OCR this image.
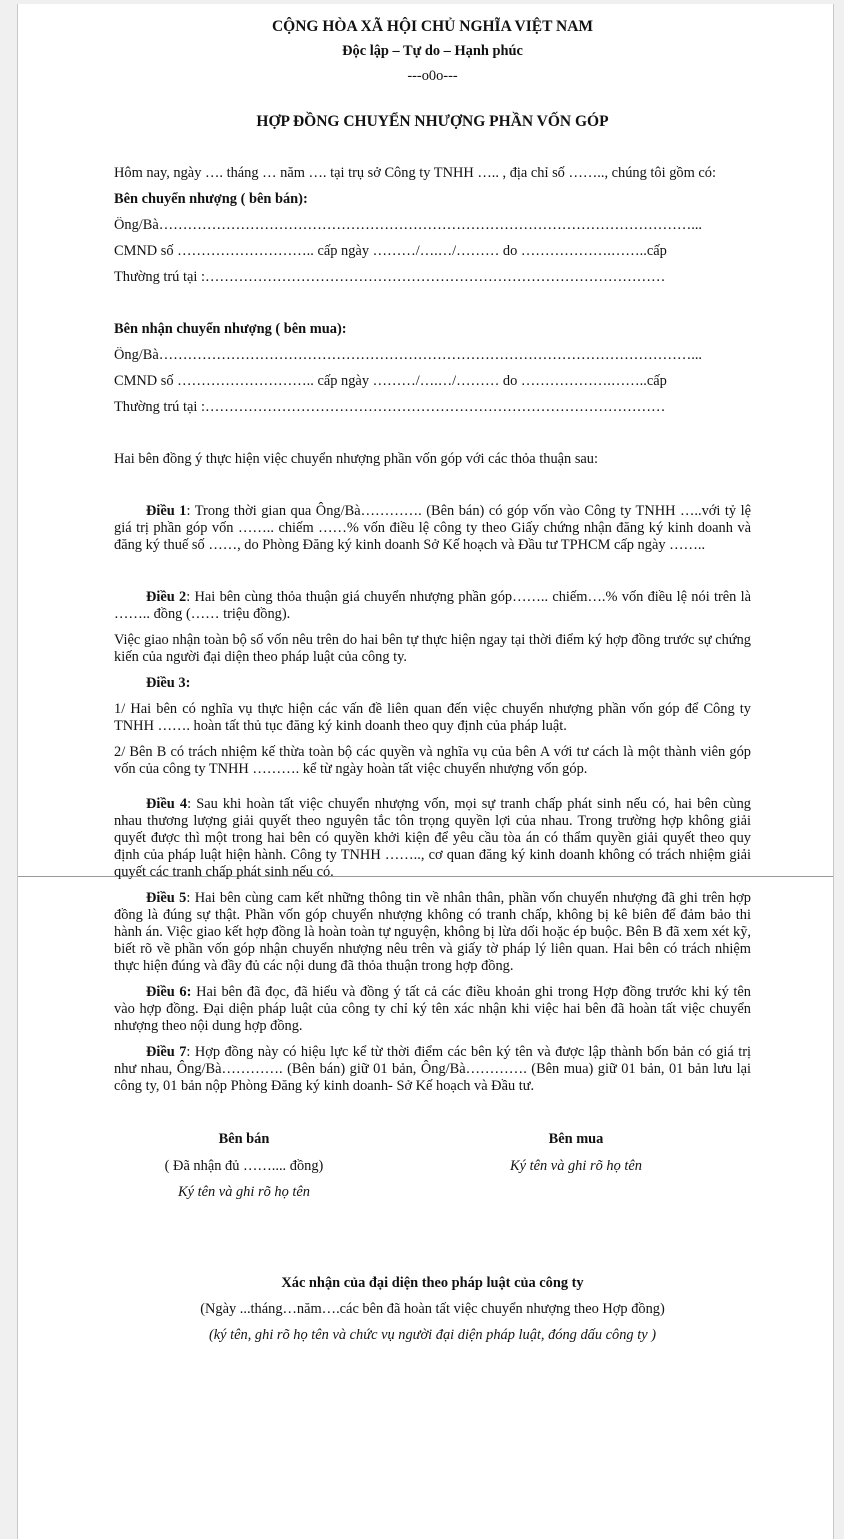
CỘNG HÒA XÃ HỘI CHỦ NGHĨA VIỆT NAM

Độc lập – Tự do – Hạnh phúc

---o0o---

HỢP ĐỒNG CHUYỂN NHƯỢNG PHẦN VỐN GÓP

Hôm nay, ngày …. tháng … năm …. tại trụ sở Công ty TNHH ….. , địa chỉ số …….., chúng tôi gồm có:

Bên chuyển nhượng ( bên bán):

Ông/Bà…………………………………………………………………………………………………...

CMND số ……………………….. cấp ngày ………/….…/……… do ……………….……..cấp

Thường trú tại :……………………………………………………………………………………

Bên nhận chuyển nhượng ( bên mua):

Ông/Bà…………………………………………………………………………………………………...

CMND số ……………………….. cấp ngày ………/….…/……… do ……………….……..cấp

Thường trú tại :……………………………………………………………………………………

Hai bên đồng ý thực hiện việc chuyển nhượng phần vốn góp với các thỏa thuận sau:

Điều 1: Trong thời gian qua Ông/Bà…………. (Bên bán) có góp vốn vào Công ty TNHH …..với tỷ lệ giá trị phần góp vốn …….. chiếm ……% vốn điều lệ công ty theo Giấy chứng nhận đăng ký kinh doanh và đăng ký thuế số ……, do Phòng Đăng ký kinh doanh Sở Kế hoạch và Đầu tư TPHCM cấp ngày ……..

Điều 2: Hai bên cùng thỏa thuận giá chuyển nhượng phần góp…….. chiếm….% vốn điều lệ nói trên là …….. đồng (…… triệu đồng).

Việc giao nhận toàn bộ số vốn nêu trên do hai bên tự thực hiện ngay tại thời điểm ký hợp đồng trước sự chứng kiến của người đại diện theo pháp luật của công ty.

Điều 3:

1/ Hai bên có nghĩa vụ thực hiện các vấn đề liên quan đến việc chuyển nhượng phần vốn góp để Công ty TNHH ……. hoàn tất thủ tục đăng ký kinh doanh theo quy định của pháp luật.

2/ Bên B có trách nhiệm kế thừa toàn bộ các quyền và nghĩa vụ của bên A với tư cách là một thành viên góp vốn của công ty TNHH ………. kể từ ngày hoàn tất việc chuyển nhượng vốn góp.

Điều 4: Sau khi hoàn tất việc chuyển nhượng vốn, mọi sự tranh chấp phát sinh nếu có, hai bên cùng nhau thương lượng giải quyết theo nguyên tắc tôn trọng quyền lợi của nhau. Trong trường hợp không giải quyết được thì một trong hai bên có quyền khởi kiện để yêu cầu tòa án có thẩm quyền giải quyết theo quy định của pháp luật hiện hành. Công ty TNHH …….., cơ quan đăng ký kinh doanh không có trách nhiệm giải quyết các tranh chấp phát sinh nếu có.

Điều 5: Hai bên cùng cam kết những thông tin về nhân thân, phần vốn chuyển nhượng đã ghi trên hợp đồng là đúng sự thật. Phần vốn góp chuyển nhượng không có tranh chấp, không bị kê biên để đảm bảo thi hành án. Việc giao kết hợp đồng là hoàn toàn tự nguyện, không bị lừa dối hoặc ép buộc. Bên B đã xem xét kỹ, biết rõ về phần vốn góp nhận chuyển nhượng nêu trên và giấy tờ pháp lý liên quan. Hai bên có trách nhiệm thực hiện đúng và đầy đủ các nội dung đã thỏa thuận trong hợp đồng.

Điều 6: Hai bên đã đọc, đã hiểu và đồng ý tất cả các điều khoản ghi trong Hợp đồng trước khi ký tên vào hợp đồng. Đại diện pháp luật của công ty chỉ ký tên xác nhận khi việc hai bên đã hoàn tất việc chuyển nhượng theo nội dung hợp đồng.

Điều 7: Hợp đồng này có hiệu lực kể từ thời điểm các bên ký tên và được lập thành bốn bản có giá trị như nhau, Ông/Bà…………. (Bên bán) giữ 01 bản, Ông/Bà…………. (Bên mua) giữ 01 bản, 01 bản lưu lại công ty, 01 bản nộp Phòng Đăng ký kinh doanh- Sở Kế hoạch và Đầu tư.

Bên bán

( Đã nhận đủ …….... đồng)

Ký tên và ghi rõ họ tên

Bên mua

Ký tên và ghi rõ họ tên

Xác nhận của đại diện theo pháp luật của công ty

(Ngày ...tháng…năm….các bên đã hoàn tất việc chuyển nhượng theo Hợp đồng)

(ký tên, ghi rõ họ tên và chức vụ người đại diện pháp luật, đóng dấu công ty )
